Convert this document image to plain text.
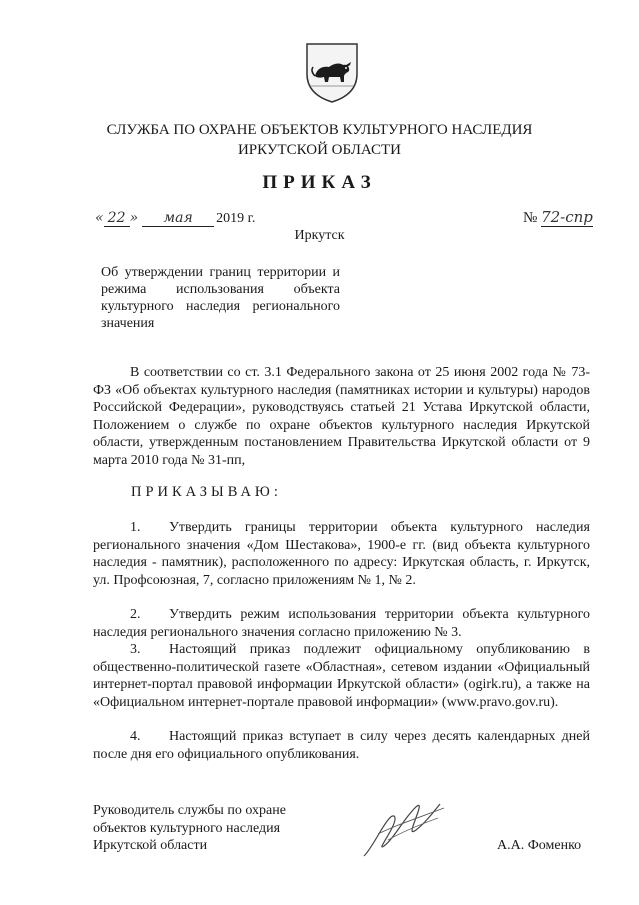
СЛУЖБА ПО ОХРАНЕ ОБЪЕКТОВ КУЛЬТУРНОГО НАСЛЕДИЯ
ИРКУТСКОЙ ОБЛАСТИ
ПРИКАЗ
« 22 » мая 2019 г.	№ 72-спр
Иркутск
Об утверждении границ территории и режима использования объекта культурного наследия регионального значения
В соответствии со ст. 3.1 Федерального закона от 25 июня 2002 года № 73-ФЗ «Об объектах культурного наследия (памятниках истории и культуры) народов Российской Федерации», руководствуясь статьей 21 Устава Иркутской области, Положением о службе по охране объектов культурного наследия Иркутской области, утвержденным постановлением Правительства Иркутской области от 9 марта 2010 года № 31-пп,
ПРИКАЗЫВАЮ:
1. Утвердить границы территории объекта культурного наследия регионального значения «Дом Шестакова», 1900-е гг. (вид объекта культурного наследия - памятник), расположенного по адресу: Иркутская область, г. Иркутск, ул. Профсоюзная, 7, согласно приложениям № 1, № 2.
2. Утвердить режим использования территории объекта культурного наследия регионального значения согласно приложению № 3.
3. Настоящий приказ подлежит официальному опубликованию в общественно-политической газете «Областная», сетевом издании «Официальный интернет-портал правовой информации Иркутской области» (ogirk.ru), а также на «Официальном интернет-портале правовой информации» (www.pravo.gov.ru).
4. Настоящий приказ вступает в силу через десять календарных дней после дня его официального опубликования.
Руководитель службы по охране
объектов культурного наследия
Иркутской области	А.А. Фоменко
